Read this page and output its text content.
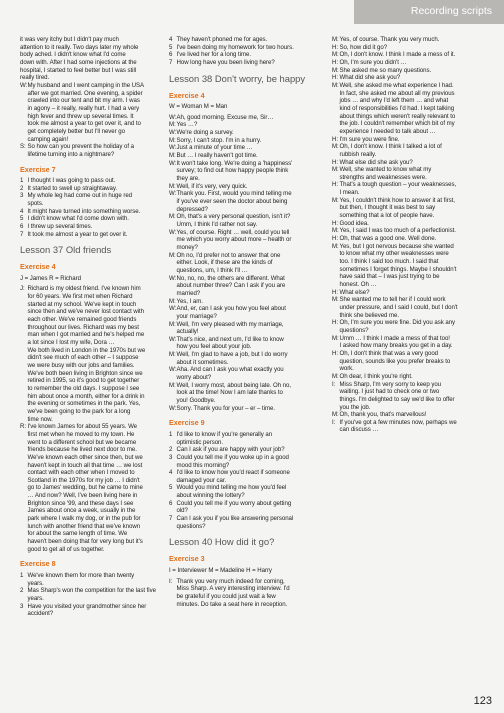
Recording scripts
it was very itchy but I didn't pay much
attention to it really. Two days later my whole
body ached. I didn't know what I'd come
down with. After I had some injections at the
hospital, I started to feel better but I was still
really tired.
W: My husband and I went camping in the USA
after we got married. One evening, a spider
crawled into our tent and bit my arm. I was
in agony – it really, really hurt. I had a very
high fever and threw up several times. It
took me almost a year to get over it, and to
get completely better but I'll never go
camping again!
S: So how can you prevent the holiday of a
lifetime turning into a nightmare?
Exercise 7
1 I thought I was going to pass out.
2 It started to swell up straightaway.
3 My whole leg had come out in huge red
spots.
4 It might have turned into something worse.
5 I didn't know what I'd come down with.
6 I threw up several times.
7 It took me almost a year to get over it.
Lesson 37 Old friends
Exercise 4
J = James R = Richard
J: Richard is my oldest friend. I've known him
for 60 years. We first met when Richard
started at my school. We've kept in touch
since then and we've never lost contact with
each other. We've remained good friends
throughout our lives. Richard was my best
man when I got married and he's helped me
a lot since I lost my wife, Dora …
We both lived in London in the 1970s but we
didn't see much of each other – I suppose
we were busy with our jobs and families.
We've both been living in Brighton since we
retired in 1995, so it's good to get together
to remember the old days. I suppose I see
him about once a month, either for a drink in
the evening or sometimes in the park. Yes,
we've been going to the park for a long
time now.
R: I've known James for about 55 years. We
first met when he moved to my town. He
went to a different school but we became
friends because he lived next door to me.
We've known each other since then, but we
haven't kept in touch all that time … we lost
contact with each other when I moved to
Scotland in the 1970s for my job … I didn't
go to James' wedding, but he came to mine
… And now? Well, I've been living here in
Brighton since '99, and these days I see
James about once a week, usually in the
park where I walk my dog, or in the pub for
lunch with another friend that we've known
for about the same length of time. We
haven't been doing that for very long but it's
good to get all of us together.
Exercise 8
1 We've known them for more than twenty
years.
2 Mas Sharp's won the competition for the last five
years.
3 Have you visited your grandmother since her
accident?
4 They haven't phoned me for ages.
5 I've been doing my homework for two hours.
6 I've lived her for a long time.
7 How long have you been living here?
Lesson 38 Don't worry, be happy
Exercise 4
W = Woman M = Man
W: Ah, good morning. Excuse me, Sir…
M: Yes …?
W: We're doing a survey.
M: Sorry, I can't stop. I'm in a hurry.
W: Just a minute of your time …
M: But … I really haven't got time.
W: It won't take long. We're doing a 'happiness'
survey; to find out how happy people think
they are.
M: Well, if it's very, very quick.
W: Thank you. First, would you mind telling me
if you've ever seen the doctor about being
depressed?
M: Oh, that's a very personal question, isn't it?
Umm, I think I'd rather not say.
W: Yes, of course. Right … well, could you tell
me which you worry about more – health or
money?
M: Oh no, I'd prefer not to answer that one
either. Look, if these are the kinds of
questions, um, I think I'll …
W: No, no, no, the others are different. What
about number three? Can I ask if you are
married?
M: Yes, I am.
W: And, er, can I ask you how you feel about
your marriage?
M: Well, I'm very pleased with my marriage,
actually!
W: That's nice, and next um, I'd like to know
how you feel about your job.
M: Well, I'm glad to have a job, but I do worry
about it sometimes.
W: Aha. And can I ask you what exactly you
worry about?
M: Well, I worry most, about being late. Oh no,
look at the time! Now I am late thanks to
you! Goodbye.
W: Sorry. Thank you for your – er – time.
Exercise 9
1 I'd like to know if you're generally an
optimistic person.
2 Can I ask if you are happy with your job?
3 Could you tell me if you woke up in a good
mood this morning?
4 I'd like to know how you'd react if someone
damaged your car.
5 Would you mind telling me how you'd feel
about winning the lottery?
6 Could you tell me if you worry about getting
old?
7 Can I ask you if you like answering personal
questions?
Lesson 40 How did it go?
Exercise 3
I = Interviewer M = Madeline H = Harry
I: Thank you very much indeed for coming,
Miss Sharp. A very interesting interview. I'd
be grateful if you could just wait a few
minutes. Do take a seat here in reception.
M: Yes, of course. Thank you very much.
H: So, how did it go?
M: Oh, I don't know. I think I made a mess of it.
H: Oh, I'm sure you didn't …
M: She asked me so many questions.
H: What did she ask you?
M: Well, she asked me what experience I had.
In fact, she asked me about all my previous
jobs … and why I'd left them … and what
kind of responsibilities I'd had. I kept talking
about things which weren't really relevant to
the job. I couldn't remember which bit of my
experience I needed to talk about …
H: I'm sure you were fine.
M: Oh, I don't know. I think I talked a lot of
rubbish really.
H: What else did she ask you?
M: Well, she wanted to know what my
strengths and weaknesses were.
H: That's a tough question – your weaknesses,
I mean.
M: Yes, I couldn't think how to answer it at first,
but then, I thought it was best to say
something that a lot of people have.
H: Good idea.
M: Yes, I said I was too much of a perfectionist.
H: Oh, that was a good one. Well done.
M: Yes, but I got nervous because she wanted
to know what my other weaknesses were
too. I think I said too much. I said that
sometimes I forget things. Maybe I shouldn't
have said that – I was just trying to be
honest. Oh …
H: What else?
M: She wanted me to tell her if I could work
under pressure, and I said I could, but I don't
think she believed me.
H: Oh, I'm sure you were fine. Did you ask any
questions?
M: Umm … I think I made a mess of that too!
I asked how many breaks you get in a day.
H: Oh, I don't think that was a very good
question, sounds like you prefer breaks to
work.
M: Oh dear, I think you're right.
I: Miss Sharp, I'm very sorry to keep you
waiting. I just had to check one or two
things. I'm delighted to say we'd like to offer
you the job.
M: Oh, thank you, that's marvellous!
I: If you've got a few minutes now, perhaps we
can discuss …
123
